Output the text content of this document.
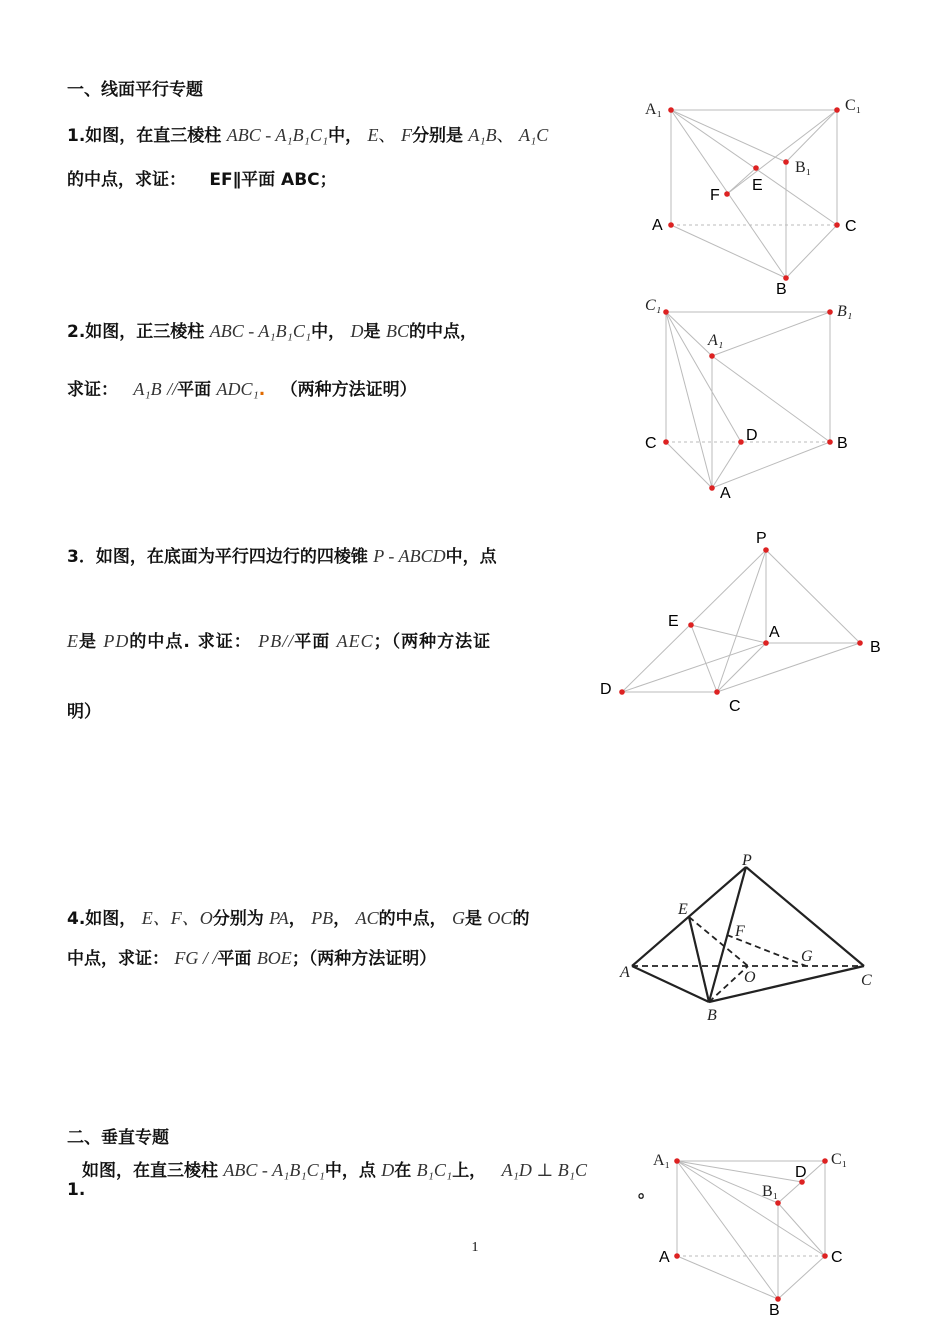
一、线面平行专题
1.如图，在直三棱柱 ABC - A₁B₁C₁中， E、 F分别是 A₁B、 A₁C
的中点，求证： EF∥平面 ABC；
2.如图，正三棱柱 ABC - A₁B₁C₁中， D是 BC的中点，
求证： A₁B //平面 ADC₁. （两种方法证明）
3．如图，在底面为平行四边行的四棱锥 P - ABCD中，点
E是 PD的中点. 求证： PB//平面 AEC；（两种方法证
明）
4.如图， E、F、O分别为 PA， PB， AC的中点， G是 OC的
中点，求证： FG / /平面 BOE；（两种方法证明）
二、垂直专题
1.
如图，在直三棱柱 ABC - A₁B₁C₁中，点 D在 B₁C₁上， A₁D ⊥ B₁C
。
1
A₁	C₁
B₁
E
F
A	C
B
C₁	B₁
A₁
D
C	B
A
P
E
A
B
D
C
P
E
F
G
A	O	C
B
A₁	C₁
D
B₁
A	C
B
